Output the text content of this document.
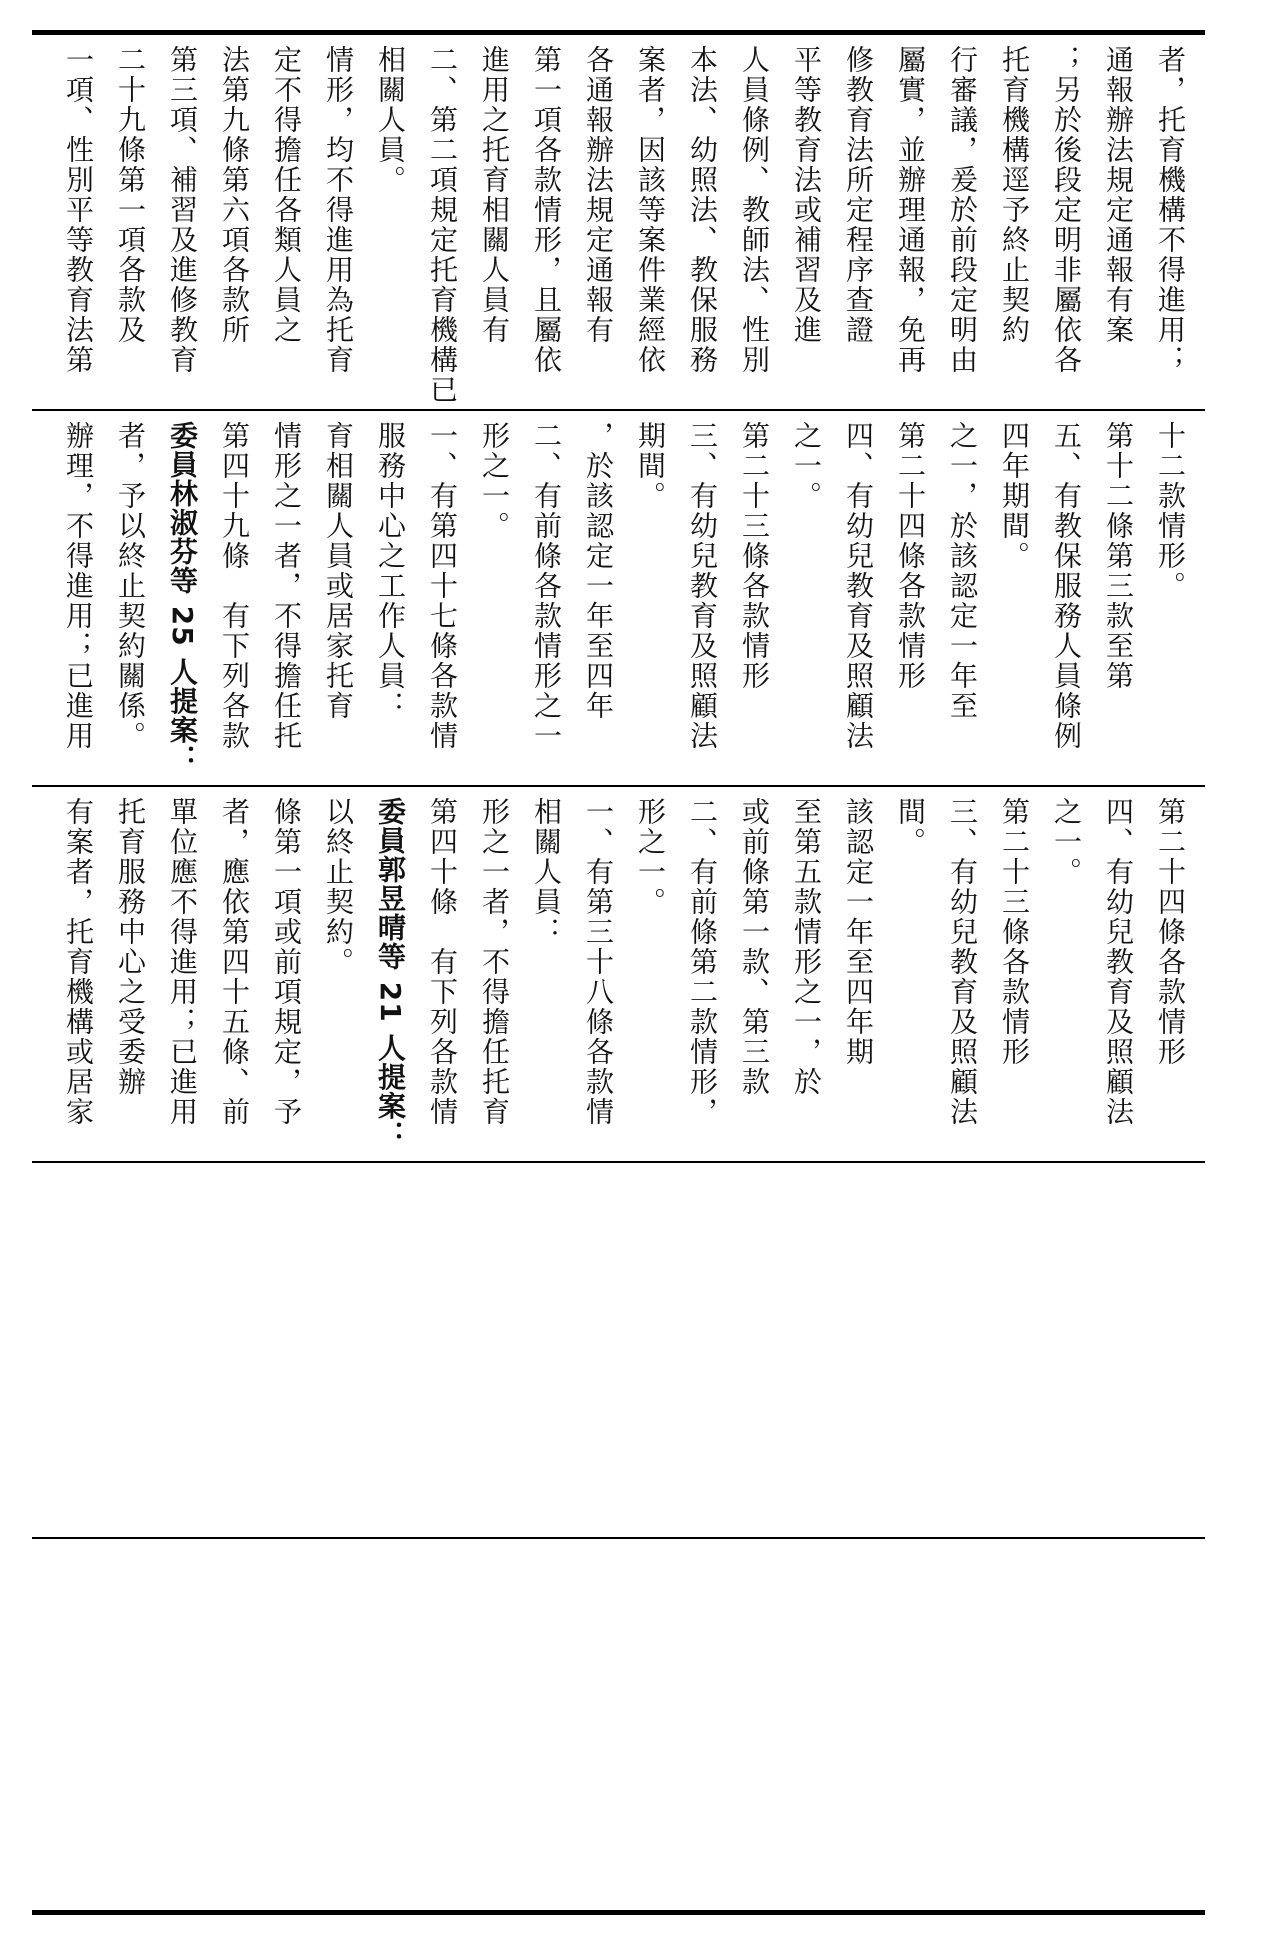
一項、性別平等教育法第 二十九條第一項各款及 第三項、補習及進修教育 法第九條第六項各款所 定不得擔任各類人員之 情形，均不得進用為托育 相關人員。 二、第二項規定托育機構已 進用之托育相關人員有 第一項各款情形，且屬依 各通報辦法規定通報有 案者，因該等案件業經依 本法、幼照法、教保服務 人員條例、教師法、性別 平等教育法或補習及進 修教育法所定程序查證 屬實，並辦理通報，免再 行審議，爰於前段定明由 托育機構逕予終止契約 ；另於後段定明非屬依各 通報辦法規定通報有案 者，托育機構不得進用；
辦理，不得進用；已進用 者，予以終止契約關係。 委員林淑芬等 25 人提案： 第四十九條　有下列各款 情形之一者，不得擔任托 育相關人員或居家托育 服務中心之工作人員： 一、有第四十七條各款情 形之一。 二、有前條各款情形之一 ，於該認定一年至四年 期間。 三、有幼兒教育及照顧法 第二十三條各款情形 之一。 四、有幼兒教育及照顧法 第二十四條各款情形 之一，於該認定一年至 四年期間。 五、有教保服務人員條例 第十二條第三款至第 十二款情形。
有案者，托育機構或居家 托育服務中心之受委辦 單位應不得進用；已進用 者，應依第四十五條、前 條第一項或前項規定，予 以終止契約。 委員郭昱晴等 21 人提案： 第四十條　有下列各款情 形之一者，不得擔任托育 相關人員： 一、有第三十八條各款情 形之一。 二、有前條第二款情形， 或前條第一款、第三款 至第五款情形之一，於 該認定一年至四年期 間。 三、有幼兒教育及照顧法 第二十三條各款情形 之一。 四、有幼兒教育及照顧法 第二十四條各款情形
